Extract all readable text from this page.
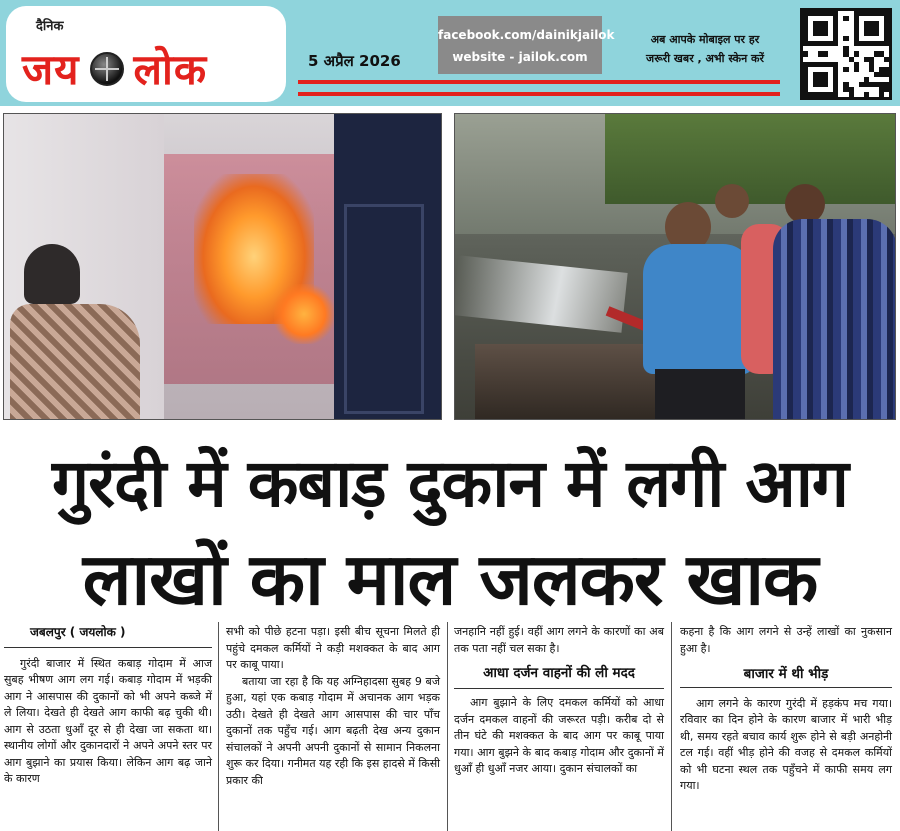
दैनिक
जय लोक	5 अप्रैल 2026
facebook.com/dainikjailok
website - jailok.com
अब आपके मोबाइल पर हर
जरूरी खबर , अभी स्केन करें
गुरंदी में कबाड़ दुकान में लगी आग
लाखों का माल जलकर खाक

जबलपुर ( जयलोक )

गुरंदी बाजार में स्थित कबाड़ गोदाम में आज सुबह भीषण आग लग गई। कबाड़ गोदाम में भड़की आग ने आसपास की दुकानों को भी अपने कब्जे में ले लिया। देखते ही देखते आग काफी बढ़ चुकी थी। आग से उठता धुआँ दूर से ही देखा जा सकता था। स्थानीय लोगों और दुकानदारों ने अपने अपने स्तर पर आग बुझाने का प्रयास किया। लेकिन आग बढ़ जाने के कारण

सभी को पीछे हटना पड़ा। इसी बीच सूचना मिलते ही पहुंचे दमकल कर्मियों ने कड़ी मशक्कत के बाद आग पर काबू पाया।

बताया जा रहा है कि यह अग्निहादसा सुबह 9 बजे हुआ, यहां एक कबाड़ गोदाम में अचानक आग भड़क उठी। देखते ही देखते आग आसपास की चार पाँच दुकानों तक पहुँच गई। आग बढ़ती देख अन्य दुकान संचालकों ने अपनी अपनी दुकानों से सामान निकलना शुरू कर दिया। गनीमत यह रही कि इस हादसे में किसी प्रकार की

जनहानि नहीं हुई। वहीं आग लगने के कारणों का अब तक पता नहीं चल सका है।

आधा दर्जन वाहनों की ली मदद

आग बुझाने के लिए दमकल कर्मियों को आधा दर्जन दमकल वाहनों की जरूरत पड़ी। करीब दो से तीन घंटे की मशक्कत के बाद आग पर काबू पाया गया। आग बुझने के बाद कबाड़ गोदाम और दुकानों में धुआँ ही धुआँ नजर आया। दुकान संचालकों का

कहना है कि आग लगने से उन्हें लाखों का नुकसान हुआ है।

बाजार में थी भीड़

आग लगने के कारण गुरंदी में हड़कंप मच गया। रविवार का दिन होने के कारण बाजार में भारी भीड़ थी, समय रहते बचाव कार्य शुरू होने से बड़ी अनहोनी टल गई। वहीं भीड़ होने की वजह से दमकल कर्मियों को भी घटना स्थल तक पहुँचने में काफी समय लग गया।
